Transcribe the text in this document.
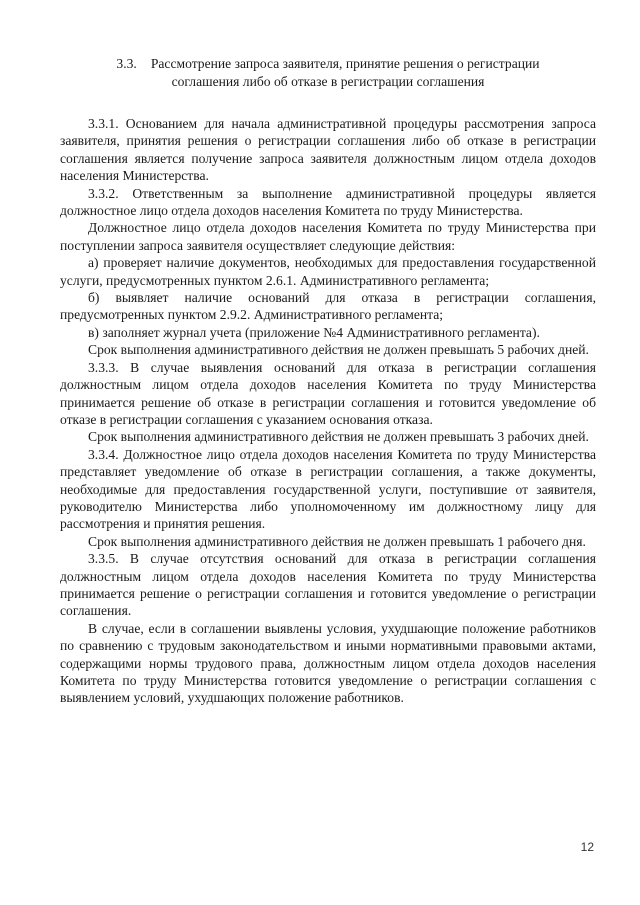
3.3. Рассмотрение запроса заявителя, принятие решения о регистрации
соглашения либо об отказе в регистрации соглашения

3.3.1. Основанием для начала административной процедуры рассмотрения запроса заявителя, принятия решения о регистрации соглашения либо об отказе в регистрации соглашения является получение запроса заявителя должностным лицом отдела доходов населения Министерства.

3.3.2. Ответственным за выполнение административной процедуры является должностное лицо отдела доходов населения Комитета по труду Министерства.

Должностное лицо отдела доходов населения Комитета по труду Министерства при поступлении запроса заявителя осуществляет следующие действия:

а) проверяет наличие документов, необходимых для предоставления государственной услуги, предусмотренных пунктом 2.6.1. Административного регламента;

б) выявляет наличие оснований для отказа в регистрации соглашения, предусмотренных пунктом 2.9.2. Административного регламента;

в) заполняет журнал учета (приложение №4 Административного регламента).

Срок выполнения административного действия не должен превышать 5 рабочих дней.

3.3.3. В случае выявления оснований для отказа в регистрации соглашения должностным лицом отдела доходов населения Комитета по труду Министерства принимается решение об отказе в регистрации соглашения и готовится уведомление об отказе в регистрации соглашения с указанием основания отказа.

Срок выполнения административного действия не должен превышать 3 рабочих дней.

3.3.4. Должностное лицо отдела доходов населения Комитета по труду Министерства представляет уведомление об отказе в регистрации соглашения, а также документы, необходимые для предоставления государственной услуги, поступившие от заявителя, руководителю Министерства либо уполномоченному им должностному лицу для рассмотрения и принятия решения.

Срок выполнения административного действия не должен превышать 1 рабочего дня.

3.3.5. В случае отсутствия оснований для отказа в регистрации соглашения должностным лицом отдела доходов населения Комитета по труду Министерства принимается решение о регистрации соглашения и готовится уведомление о регистрации соглашения.

В случае, если в соглашении выявлены условия, ухудшающие положение работников по сравнению с трудовым законодательством и иными нормативными правовыми актами, содержащими нормы трудового права, должностным лицом отдела доходов населения Комитета по труду Министерства готовится уведомление о регистрации соглашения с выявлением условий, ухудшающих положение работников.

12
